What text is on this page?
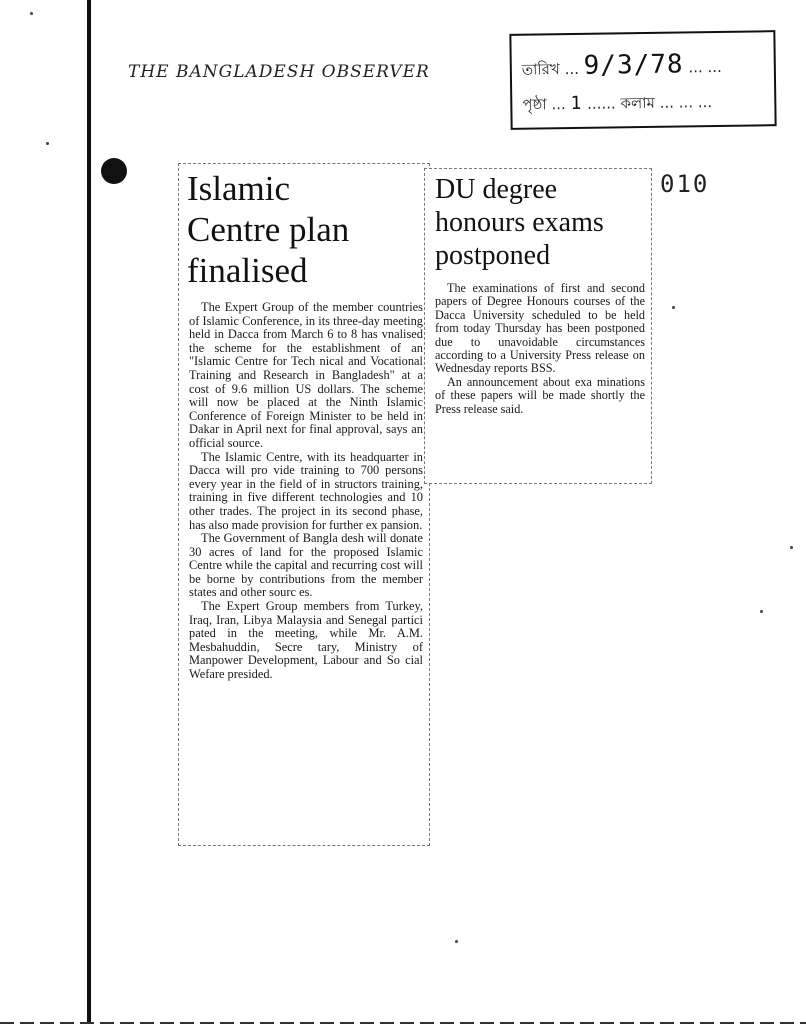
THE BANGLADESH OBSERVER	তারিখ ... 9/3/78 ... ...
পৃষ্ঠা ... 1 ...... কলাম ... ... ...
Islamic
Centre plan
finalised

The Expert Group of the member countries of Islamic Conference, in its three-day meeting held in Dacca from March 6 to 8 has vnalised the scheme for the establishment of an "Islamic Centre for Tech nical and Vocational Training and Research in Bangladesh" at a cost of 9.6 million US dollars. The scheme will now be placed at the Ninth Islamic Conference of Foreign Minister to be held in Dakar in April next for final approval, says an official source.

The Islamic Centre, with its headquarter in Dacca will pro vide training to 700 persons every year in the field of in structors training, training in five different technologies and 10 other trades. The project in its second phase, has also made provision for further ex pansion.

The Government of Bangla desh will donate 30 acres of land for the proposed Islamic Centre while the capital and recurring cost will be borne by contributions from the member states and other sourc es.

The Expert Group members from Turkey, Iraq, Iran, Libya Malaysia and Senegal partici pated in the meeting, while Mr. A.M. Mesbahuddin, Secre tary, Ministry of Manpower Development, Labour and So cial Wefare presided.

DU degree
honours exams
postponed

The examinations of first and second papers of Degree Honours courses of the Dacca University scheduled to be held from today Thursday has been postponed due to unavoidable circumstances according to a University Press release on Wednesday reports BSS.

An announcement about exa minations of these papers will be made shortly the Press release said.

010
